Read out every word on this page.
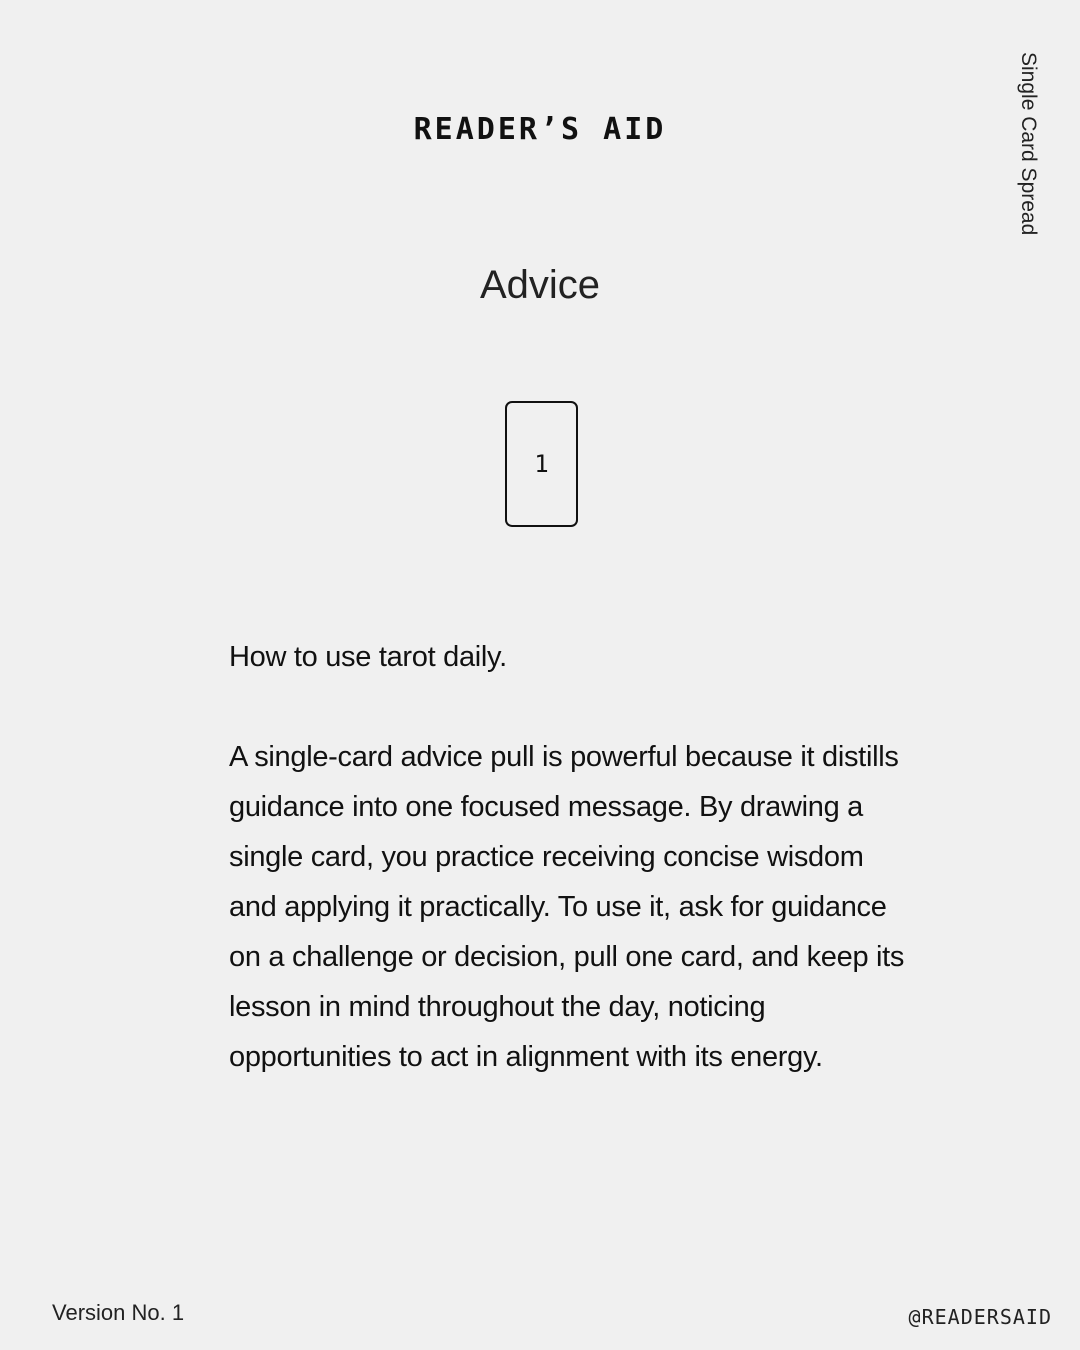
READER’S AID	Single Card Spread
Advice
1

How to use tarot daily.

A single-card advice pull is powerful because it distills guidance into one focused message. By drawing a single card, you practice receiving concise wisdom and applying it practically. To use it, ask for guidance on a challenge or decision, pull one card, and keep its lesson in mind throughout the day, noticing opportunities to act in alignment with its energy.

Version No. 1	@READERSAID
